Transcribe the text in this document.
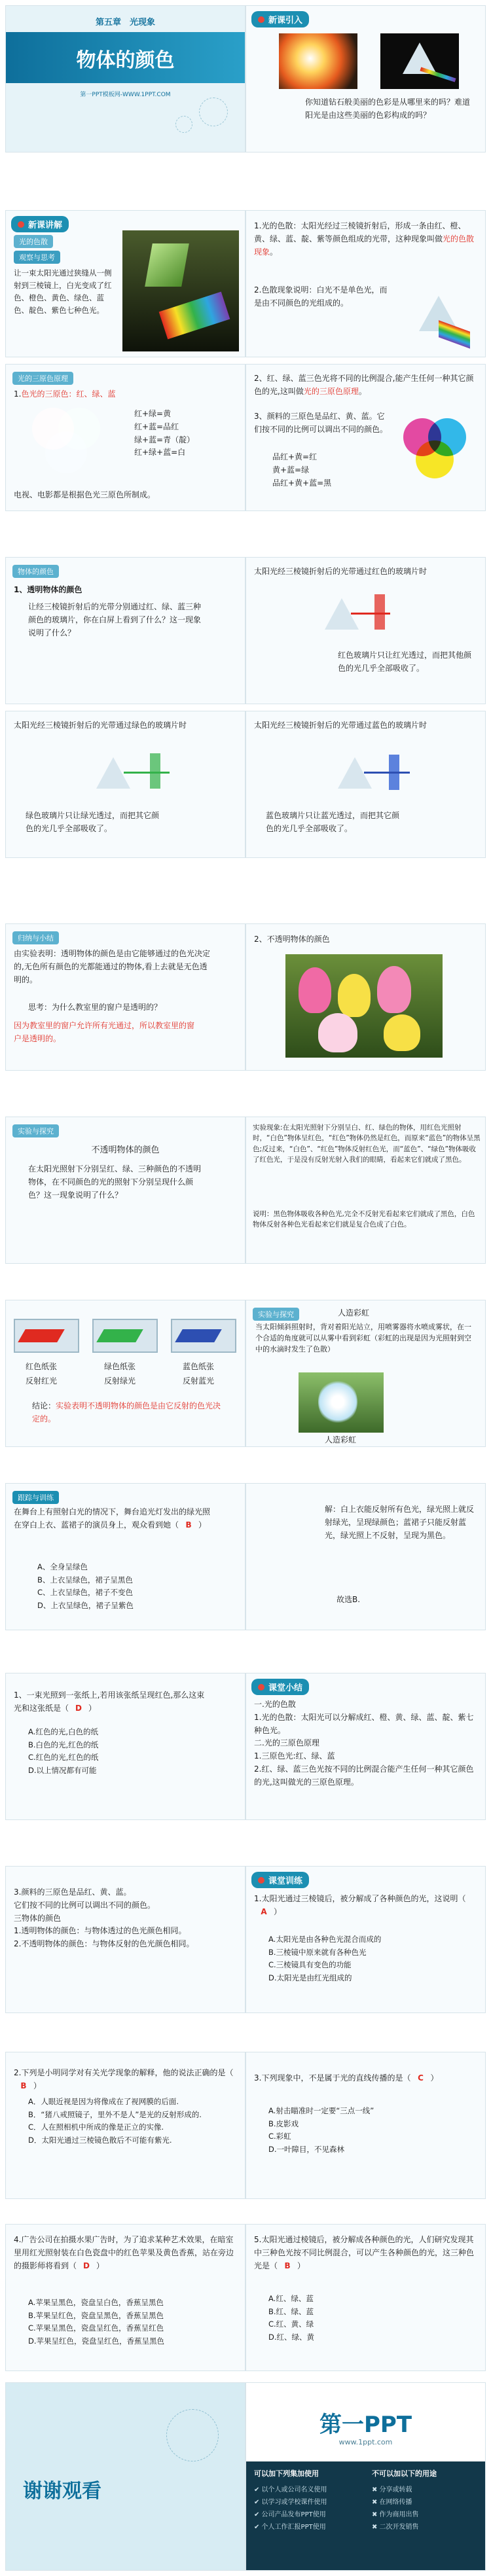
第五章　光现象
物体的颜色
第一PPT模板网-WWW.1PPT.COM
新课引入
你知道钻石般美丽的色彩是从哪里来的吗？难道阳光是由这些美丽的色彩构成的吗？
新课讲解
光的色散
观察与思考
让一束太阳光通过狭缝从一侧射到三棱镜上，白光变成了红色、橙色、黄色、绿色、蓝色、靛色、紫色七种色光。
1.光的色散：太阳光经过三棱镜折射后，形成一条由红、橙、黄、绿、蓝、靛、紫等颜色组成的光带，这种现象叫做光的色散现象。
2.色散现象说明：白光不是单色光，而是由不同颜色的光组成的。
光的三原色原理
1.色光的三原色：红、绿、蓝
红+绿=黄
红+蓝=品红
绿+蓝=青（靛）
红+绿+蓝=白
电视、电影都是根据色光三原色所制成。
2、红、绿、蓝三色光将不同的比例混合,能产生任何一种其它颜色的光,这叫做光的三原色原理。
3、颜料的三原色是品红、黄、蓝。它们按不同的比例可以调出不同的颜色。
品红+黄=红
黄+蓝=绿
品红+黄+蓝=黑
物体的颜色
1、透明物体的颜色
让经三棱镜折射后的光带分别通过红、绿、蓝三种颜色的玻璃片，你在白屏上看到了什么？这一现象说明了什么？
太阳光经三棱镜折射后的光带通过红色的玻璃片时
红色玻璃片只让红光透过，而把其他颜色的光几乎全部吸收了。
太阳光经三棱镜折射后的光带通过绿色的玻璃片时
绿色玻璃片只让绿光透过，而把其它颜色的光几乎全部吸收了。
太阳光经三棱镜折射后的光带通过蓝色的玻璃片时
蓝色玻璃片只让蓝光透过，而把其它颜色的光几乎全部吸收了。
归纳与小结
由实验表明：透明物体的颜色是由它能够通过的色光决定的,无色所有颜色的光都能通过的物体,看上去就是无色透明的。
思考：为什么教室里的窗户是透明的？
因为教室里的窗户允许所有光通过，所以教室里的窗户是透明的。
2、不透明物体的颜色
实验与探究
不透明物体的颜色
在太阳光照射下分别呈红、绿、三种颜色的不透明物体，在不同颜色的光的照射下分别呈现什么颜色？这一现象说明了什么？
实验现象:在太阳光照射下分别呈白、红、绿色的物体，用红色光照射时，“白色”物体呈红色，“红色”物体仍然是红色，而原来“蓝色”的物体呈黑色;反过来，“白色”、“红色”物体反射红色光，而“蓝色”、“绿色”物体吸收了红色光，于是没有反射光射入我们的眼睛，看起来它们就成了黑色。
说明：黑色物体吸收各种色光,完全不反射光看起来它们就成了黑色，白色物体反射各种色光看起来它们就是复合色成了白色。
红色纸张	绿色纸张	蓝色纸张
反射红光	反射绿光	反射蓝光
结论：实验表明不透明物体的颜色是由它反射的色光决定的。
实验与探究	人造彩虹
当太阳倾斜照射时，背对着阳光站立，用喷雾器将水喷成雾状，在一个合适的角度就可以从雾中看到彩虹（彩虹的出现是因为光照射到空中的水滴时发生了色散）
人造彩虹
跟踪与训练
在舞台上有照射白光的情况下，舞台追光灯发出的绿光照在穿白上衣、蓝裙子的演员身上，观众看到她（ B ）
A、全身呈绿色
B、上衣呈绿色，裙子呈黑色
C、上衣呈绿色，裙子不变色
D、上衣呈绿色，裙子呈紫色
解：白上衣能反射所有色光，绿光照上就反射绿光，呈现绿颜色；蓝裙子只能反射蓝光，绿光照上不反射，呈现为黑色。
故选B.
1、一束光照到一张纸上,若用该张纸呈现红色,那么这束光和这张纸是（ D ）
A.红色的光,白色的纸
B.白色的光,红色的纸
C.红色的光,红色的纸
D.以上情况都有可能
课堂小结
一.光的色散
1.光的色散：太阳光可以分解成红、橙、黄、绿、蓝、靛、紫七种色光。
二.光的三原色原理
1.三原色光:红、绿、蓝
2.红、绿、蓝三色光按不同的比例混合能产生任何一种其它颜色的光,这叫做光的三原色原理。
3.颜料的三原色是品红、黄、蓝。
它们按不同的比例可以调出不同的颜色。
三物体的颜色
1.透明物体的颜色：与物体透过的色光颜色相同。
2.不透明物体的颜色：与物体反射的色光颜色相同。
课堂训练
1.太阳光通过三棱镜后，被分解成了各种颜色的光，这说明（A ）
A.太阳光是由各种色光混合而成的
B.三棱镜中原来就有各种色光
C.三棱镜具有变色的功能
D.太阳光是由红光组成的
2.下列是小明同学对有关光学现象的解释，他的说法正确的是（B ）
A．人眼近视是因为将像成在了视网膜的后面.
B．“猪八戒照镜子，里外不是人”是光的反射形成的.
C．人在照相机中所成的像是正立的实像.
D．太阳光通过三棱镜色散后不可能有紫光.
3.下列现象中，不是属于光的直线传播的是（ C ）
A.射击瞄准时一定要“三点一线”
B.皮影戏
C.彩虹
D.一叶障目，不见森林
4.广告公司在拍摄水果广告时，为了追求某种艺术效果，在暗室里用红光照射装在白色瓷盘中的红色苹果及黄色香蕉，站在旁边的摄影师将看到（ D ）
A.苹果呈黑色，瓷盘呈白色，香蕉呈黑色
B.苹果呈红色，瓷盘呈黑色，香蕉呈黑色
C.苹果呈黑色，瓷盘呈红色，香蕉呈红色
D.苹果呈红色，瓷盘呈红色，香蕉呈黑色
5.太阳光通过棱镜后，被分解成各种颜色的光，人们研究发现其中三种色光按不同比例混合，可以产生各种颜色的光，这三种色光是（ B ）
A.红、绿、蓝
B.红、绿、蓝
C.红、黄、绿
D.红、绿、黄
谢谢观看
第一PPT
www.1ppt.com
可以加下列集加使用	不可以加以下的用途
✔ 以个人或公司名义使用
✔ 以学习或学校课件使用
✔ 公司产品发布PPT使用
✔ 个人工作汇报PPT使用
✖ 分享或转载
✖ 在网络传播
✖ 作为商用出售
✖ 二次开发销售
